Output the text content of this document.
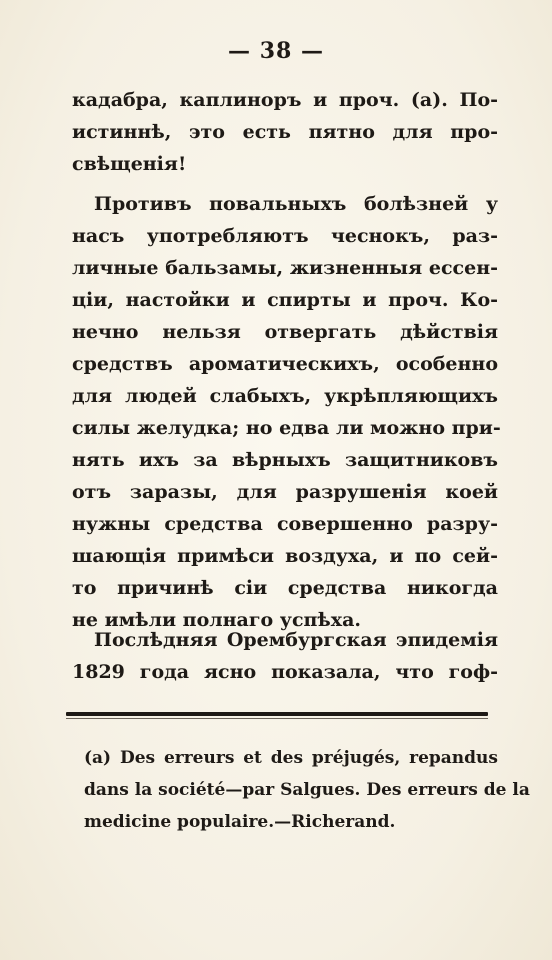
— 38 —
кадабра, каплиноръ и проч. (а). По-
истиннѣ, это есть пятно для про-
свѣщенія!
Противъ повальныхъ болѣзней у
насъ употребляютъ чеснокъ, раз-
личные бальзамы, жизненныя ессен-
ціи, настойки и спирты и проч. Ко-
нечно нельзя отвергать дѣйствія
средствъ ароматическихъ, особенно
для людей слабыхъ, укрѣпляющихъ
силы желудка; но едва ли можно при-
нять ихъ за вѣрныхъ защитниковъ
отъ заразы, для разрушенія коей
нужны средства совершенно разру-
шающія примѣси воздуха, и по сей-
то причинѣ сіи средства никогда
не имѣли полнаго успѣха.
Послѣдняя Орембургская эпидемія
1829 года ясно показала, что гоф-
(а) Des erreurs et des préjugés, repandus
dans la société—par Salgues. Des erreurs de la
medicine populaire.—Richerand.
